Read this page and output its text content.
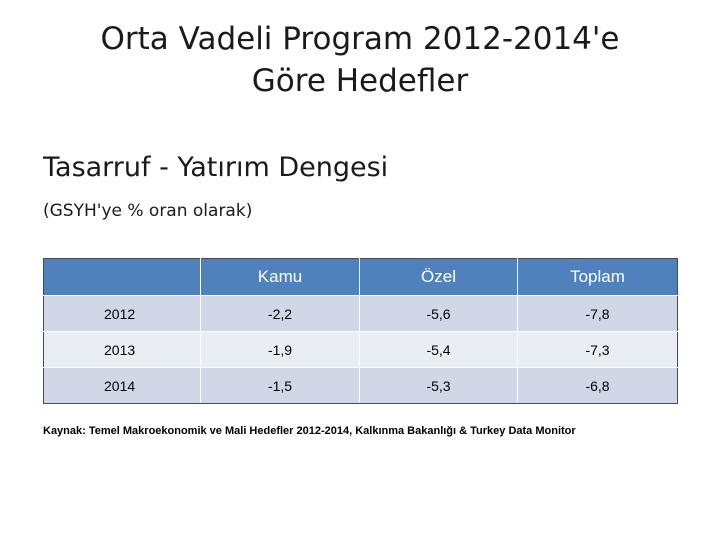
Orta Vadeli Program 2012-2014'e
Göre Hedefler
Tasarruf - Yatırım Dengesi
(GSYH'ye % oran olarak)
	Kamu	Özel	Toplam
2012	-2,2	-5,6	-7,8
2013	-1,9	-5,4	-7,3
2014	-1,5	-5,3	-6,8
Kaynak: Temel Makroekonomik ve Mali Hedefler 2012-2014, Kalkınma Bakanlığı & Turkey Data Monitor
